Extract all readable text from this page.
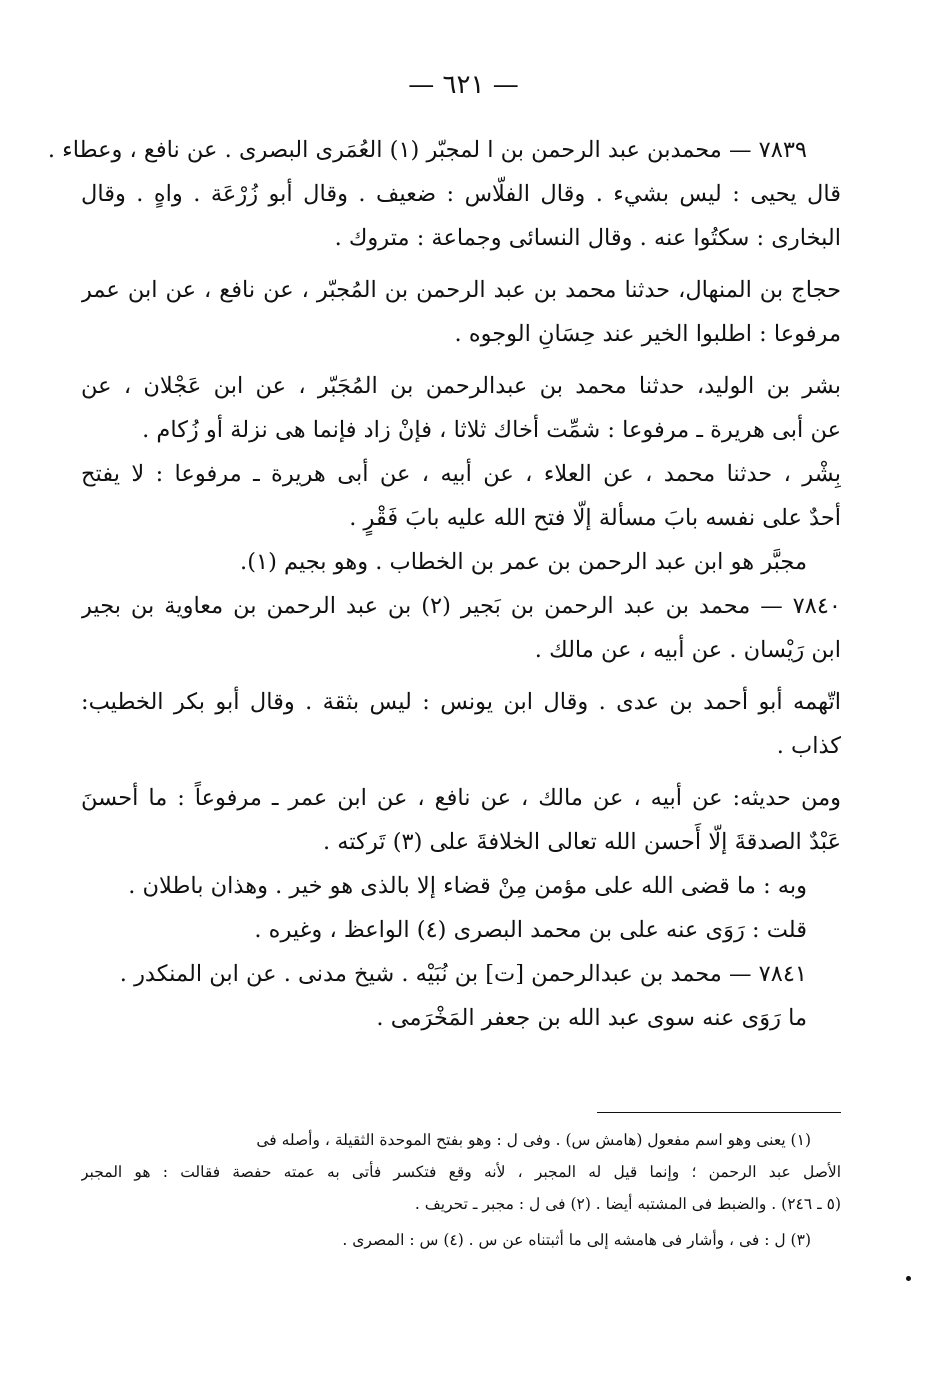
— ٦٢١ —
٧٨٣٩ — محمدبن عبد الرحمن بن ا لمجبّر (١) العُمَرى البصرى . عن نافع ، وعطاء .
قال يحيى : ليس بشيء . وقال الفلّاس : ضعيف . وقال أبو زُرْعَة . واهٍ . وقال
البخارى : سكتُوا عنه . وقال النسائى وجماعة : متروك .
حجاج بن المنهال، حدثنا محمد بن عبد الرحمن بن المُجبّر ، عن نافع ، عن ابن عمر
مرفوعا : اطلبوا الخير عند حِسَانِ الوجوه .
بشر بن الوليد، حدثنا محمد بن عبدالرحمن بن المُجَبّر ، عن ابن عَجْلان ، عن
عن أبى هريرة ـ مرفوعا : شمِّت أخاك ثلاثا ، فإنْ زاد فإنما هى نزلة أو زُكام .
بِشْر ، حدثنا محمد ، عن العلاء ، عن أبيه ، عن أبى هريرة ـ مرفوعا : لا يفتح
أحدٌ على نفسه بابَ مسألة إلّا فتح الله عليه بابَ فَقْرٍ .
مجبَّر هو ابن عبد الرحمن بن عمر بن الخطاب . وهو بجيم (١).
٧٨٤٠ — محمد بن عبد الرحمن بن بَجير (٢) بن عبد الرحمن بن معاوية بن بجير
ابن رَيْسان . عن أبيه ، عن مالك .
اتّهمه أبو أحمد بن عدى . وقال ابن يونس : ليس بثقة . وقال أبو بكر الخطيب:
كذاب .
ومن حديثه: عن أبيه ، عن مالك ، عن نافع ، عن ابن عمر ـ مرفوعاً : ما أحسنَ
عَبْدٌ الصدقةَ إلّا أَحسن الله تعالى الخلافةَ على (٣) تَركته .
وبه : ما قضى الله على مؤمن مِنْ قضاء إلا بالذى هو خير . وهذان باطلان .
قلت : رَوَى عنه على بن محمد البصرى (٤) الواعظ ، وغيره .
٧٨٤١ — محمد بن عبدالرحمن [ت] بن نُبَيْه . شيخ مدنى . عن ابن المنكدر .
ما رَوَى عنه سوى عبد الله بن جعفر المَخْرَمى .
(١) يعنى وهو اسم مفعول (هامش س) . وفى ل : وهو بفتح الموحدة الثقيلة ، وأصله فى
الأصل عبد الرحمن ؛ وإنما قيل له المجبر ، لأنه وقع فتكسر فأتى به عمته حفصة فقالت : هو المجبر
(٥ ـ ٢٤٦) . والضبط فى المشتبه أيضا . (٢) فى ل : مجبر ـ تحريف .
(٣) ل : فى ، وأشار فى هامشه إلى ما أثبتناه عن س . (٤) س : المصرى .
